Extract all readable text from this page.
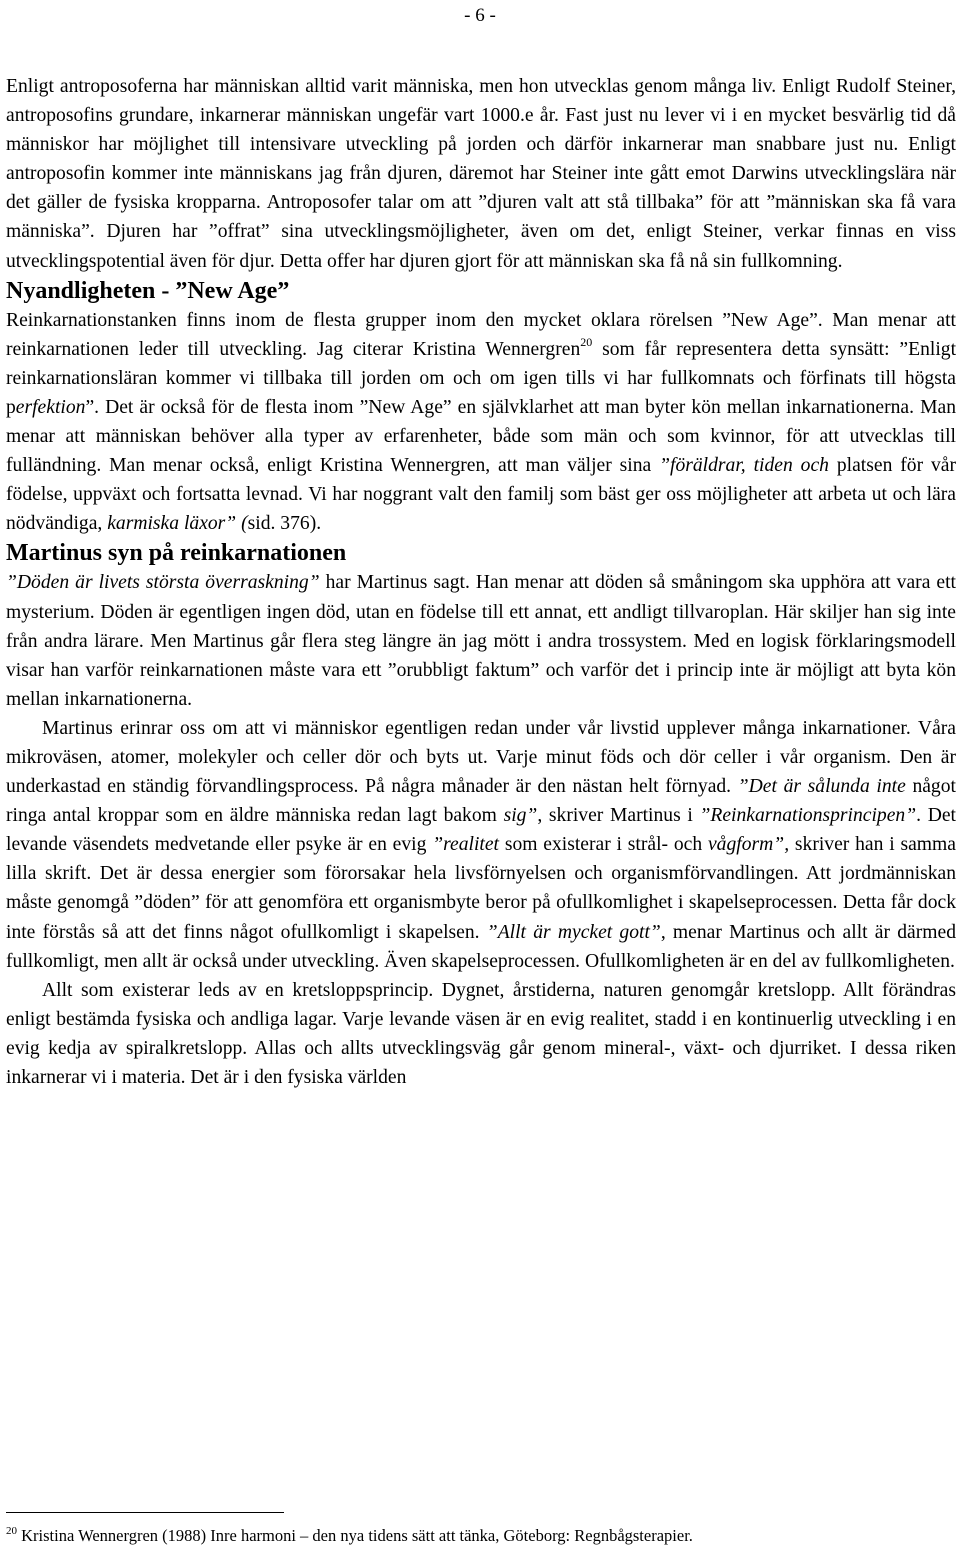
- 6 -

Enligt antroposoferna har människan alltid varit människa, men hon utvecklas genom många liv. Enligt Rudolf Steiner, antroposofins grundare, inkarnerar människan ungefär vart 1000.e år. Fast just nu lever vi i en mycket besvärlig tid då människor har möjlighet till intensivare utveckling på jorden och därför inkarnerar man snabbare just nu. Enligt antroposofin kommer inte människans jag från djuren, däremot har Steiner inte gått emot Darwins utvecklingslära när det gäller de fysiska kropparna. Antroposofer talar om att ”djuren valt att stå tillbaka” för att ”människan ska få vara människa”. Djuren har ”offrat” sina utvecklingsmöjligheter, även om det, enligt Steiner, verkar finnas en viss utvecklingspotential även för djur. Detta offer har djuren gjort för att människan ska få nå sin fullkomning.

Nyandligheten - ”New Age”

Reinkarnationstanken finns inom de flesta grupper inom den mycket oklara rörelsen ”New Age”. Man menar att reinkarnationen leder till utveckling. Jag citerar Kristina Wennergren$^{20}$ som får representera detta synsätt: ”Enligt reinkarnationsläran kommer vi tillbaka till jorden om och om igen tills vi har fullkomnats och förfinats till högsta perfektion”. Det är också för de flesta inom ”New Age” en självklarhet att man byter kön mellan inkarnationerna. Man menar att människan behöver alla typer av erfarenheter, både som män och som kvinnor, för att utvecklas till fulländning. Man menar också, enligt Kristina Wennergren, att man väljer sina ”föräldrar, tiden och platsen för vår födelse, uppväxt och fortsatta levnad. Vi har noggrant valt den familj som bäst ger oss möjligheter att arbeta ut och lära nödvändiga, karmiska läxor” (sid. 376).

Martinus syn på reinkarnationen

”Döden är livets största överraskning” har Martinus sagt. Han menar att döden så småningom ska upphöra att vara ett mysterium. Döden är egentligen ingen död, utan en födelse till ett annat, ett andligt tillvaroplan. Här skiljer han sig inte från andra lärare. Men Martinus går flera steg längre än jag mött i andra trossystem. Med en logisk förklaringsmodell visar han varför reinkarnationen måste vara ett ”orubbligt faktum” och varför det i princip inte är möjligt att byta kön mellan inkarnationerna.

Martinus erinrar oss om att vi människor egentligen redan under vår livstid upplever många inkarnationer. Våra mikroväsen, atomer, molekyler och celler dör och byts ut. Varje minut föds och dör celler i vår organism. Den är underkastad en ständig förvandlingsprocess. På några månader är den nästan helt förnyad. ”Det är sålunda inte något ringa antal kroppar som en äldre människa redan lagt bakom sig”, skriver Martinus i ”Reinkarnationsprincipen”. Det levande väsendets medvetande eller psyke är en evig ”realitet som existerar i strål- och vågform”, skriver han i samma lilla skrift. Det är dessa energier som förorsakar hela livsförnyelsen och organismförvandlingen. Att jordmänniskan måste genomgå ”döden” för att genomföra ett organismbyte beror på ofullkomlighet i skapelseprocessen. Detta får dock inte förstås så att det finns något ofullkomligt i skapelsen. ”Allt är mycket gott”, menar Martinus och allt är därmed fullkomligt, men allt är också under utveckling. Även skapelseprocessen. Ofullkomligheten är en del av fullkomligheten.

Allt som existerar leds av en kretsloppsprincip. Dygnet, årstiderna, naturen genomgår kretslopp. Allt förändras enligt bestämda fysiska och andliga lagar. Varje levande väsen är en evig realitet, stadd i en kontinuerlig utveckling i en evig kedja av spiralkretslopp. Allas och allts utvecklingsväg går genom mineral-, växt- och djurriket. I dessa riken inkarnerar vi i materia. Det är i den fysiska världen

$^{20}$ Kristina Wennergren (1988) Inre harmoni – den nya tidens sätt att tänka, Göteborg: Regnbågsterapier.
